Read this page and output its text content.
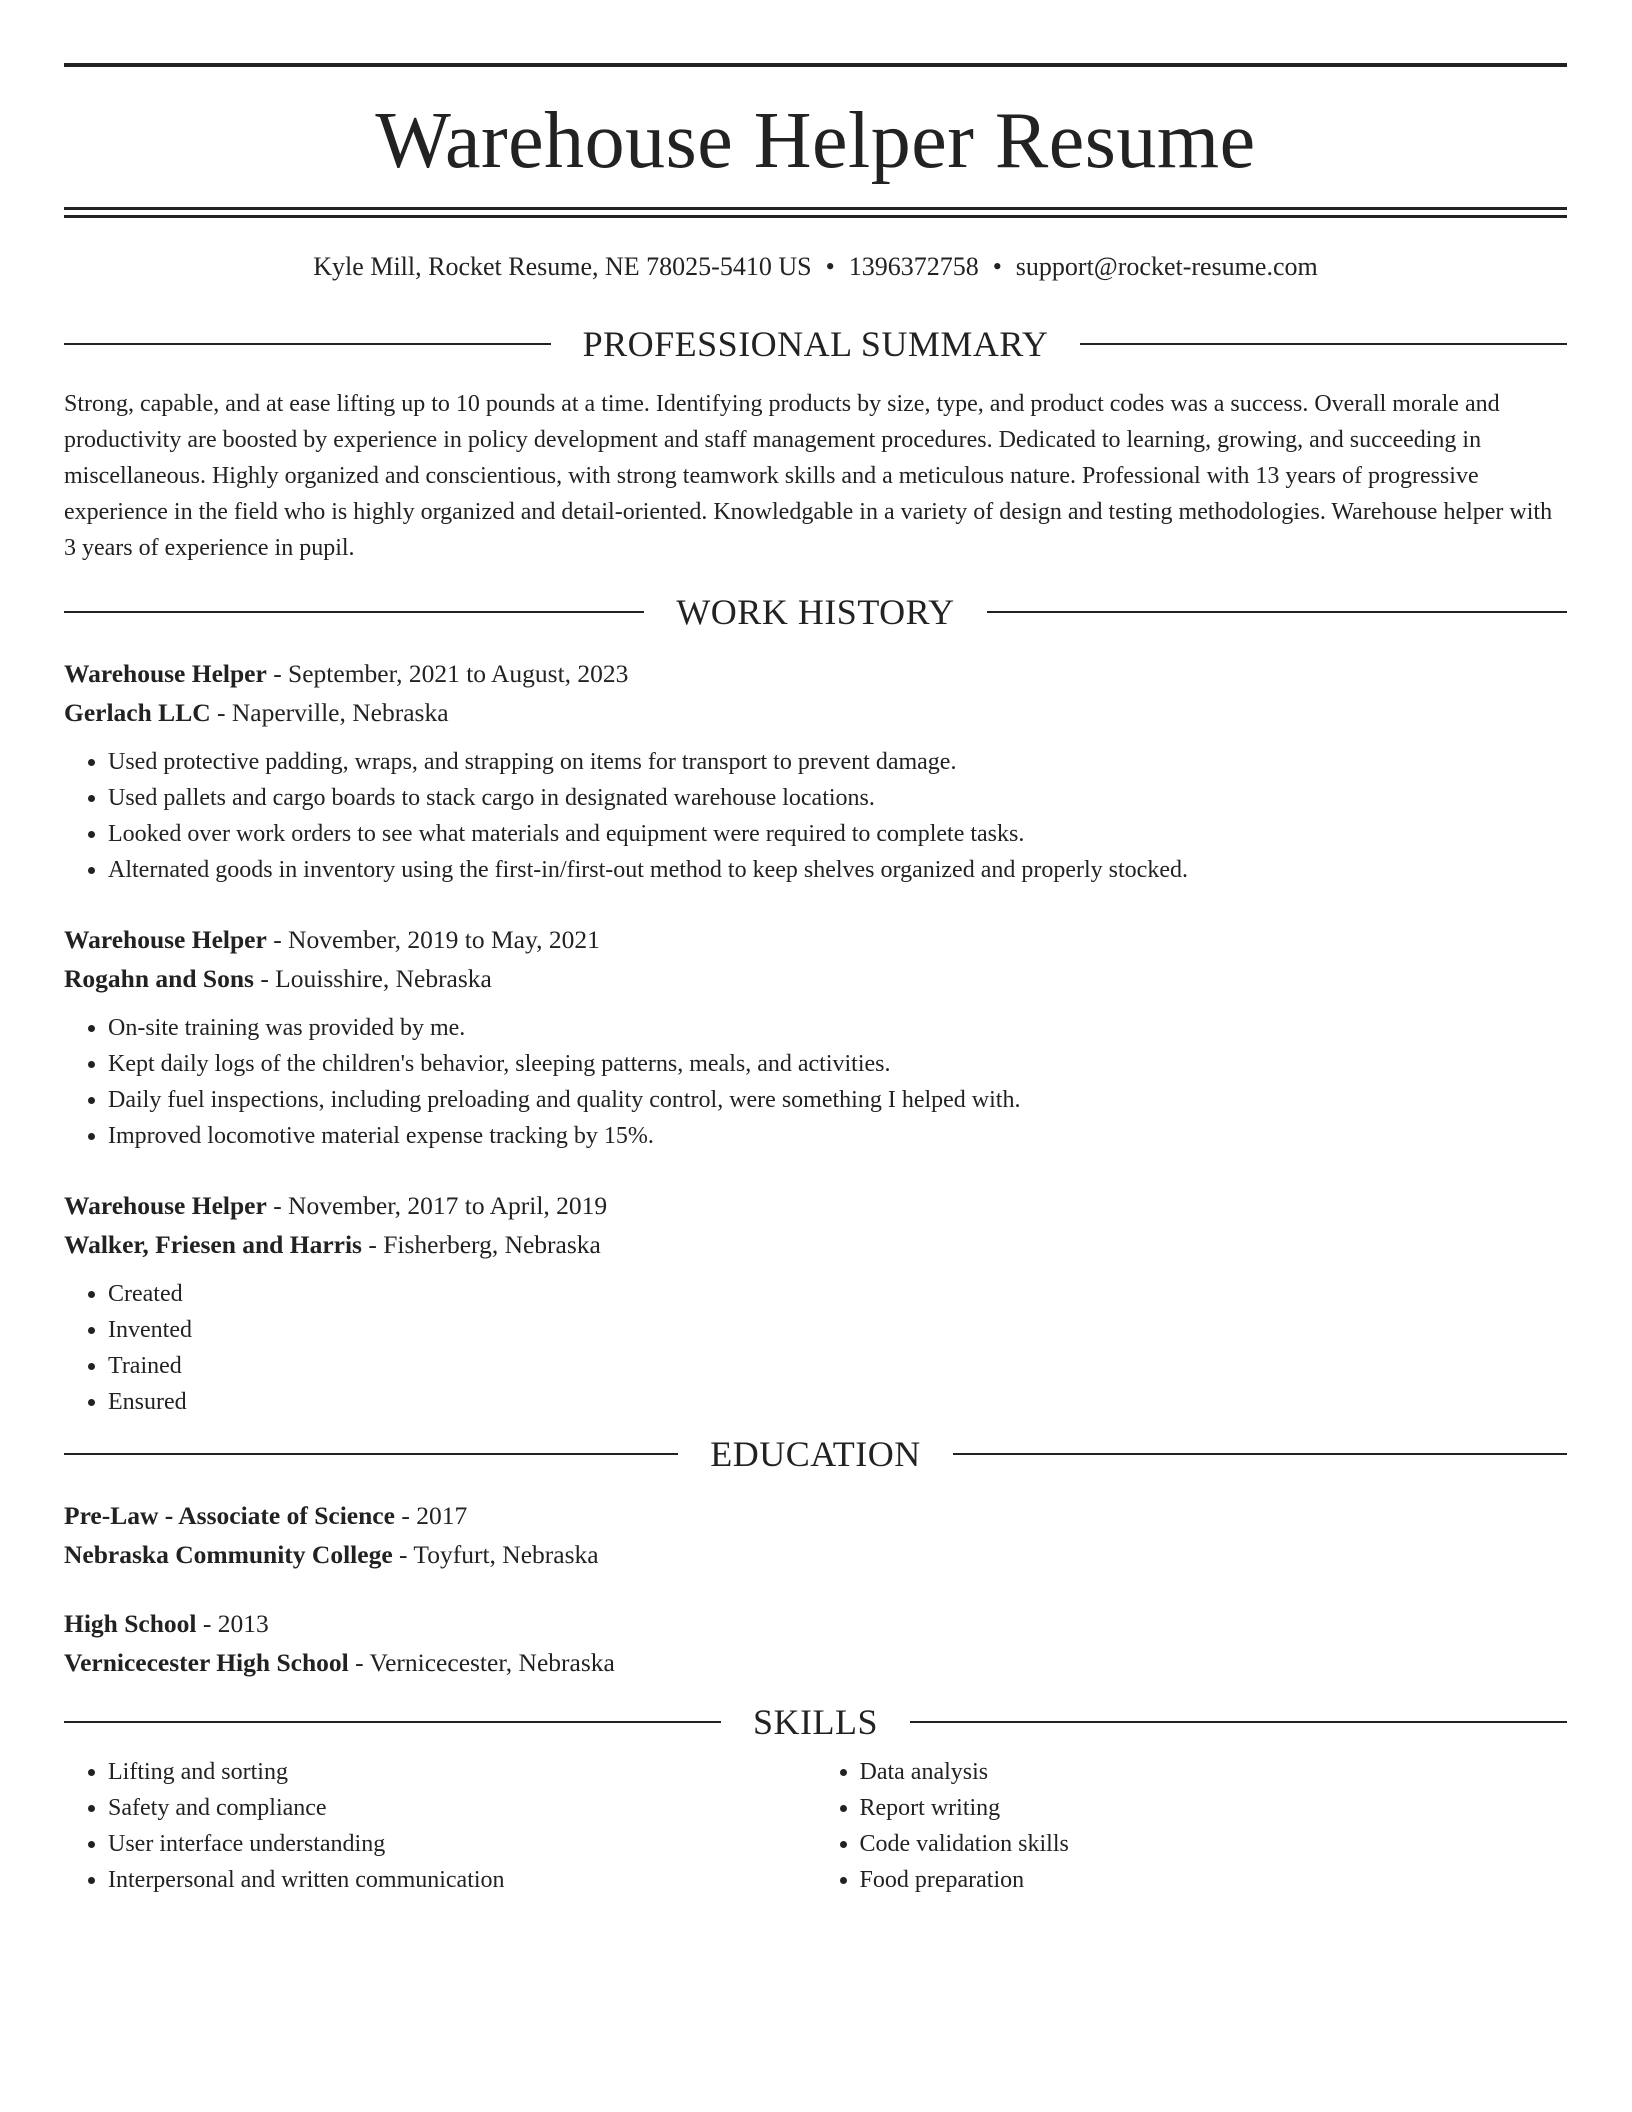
Warehouse Helper Resume
Kyle Mill, Rocket Resume, NE 78025-5410 US • 1396372758 • support@rocket-resume.com
PROFESSIONAL SUMMARY
Strong, capable, and at ease lifting up to 10 pounds at a time. Identifying products by size, type, and product codes was a success. Overall morale and productivity are boosted by experience in policy development and staff management procedures. Dedicated to learning, growing, and succeeding in miscellaneous. Highly organized and conscientious, with strong teamwork skills and a meticulous nature. Professional with 13 years of progressive experience in the field who is highly organized and detail-oriented. Knowledgable in a variety of design and testing methodologies. Warehouse helper with 3 years of experience in pupil.
WORK HISTORY
Warehouse Helper - September, 2021 to August, 2023
Gerlach LLC - Naperville, Nebraska
• Used protective padding, wraps, and strapping on items for transport to prevent damage.
• Used pallets and cargo boards to stack cargo in designated warehouse locations.
• Looked over work orders to see what materials and equipment were required to complete tasks.
• Alternated goods in inventory using the first-in/first-out method to keep shelves organized and properly stocked.
Warehouse Helper - November, 2019 to May, 2021
Rogahn and Sons - Louisshire, Nebraska
• On-site training was provided by me.
• Kept daily logs of the children's behavior, sleeping patterns, meals, and activities.
• Daily fuel inspections, including preloading and quality control, were something I helped with.
• Improved locomotive material expense tracking by 15%.
Warehouse Helper - November, 2017 to April, 2019
Walker, Friesen and Harris - Fisherberg, Nebraska
• Created
• Invented
• Trained
• Ensured
EDUCATION
Pre-Law - Associate of Science - 2017
Nebraska Community College - Toyfurt, Nebraska
High School - 2013
Vernicecester High School - Vernicecester, Nebraska
SKILLS
• Lifting and sorting
• Safety and compliance
• User interface understanding
• Interpersonal and written communication
• Data analysis
• Report writing
• Code validation skills
• Food preparation
